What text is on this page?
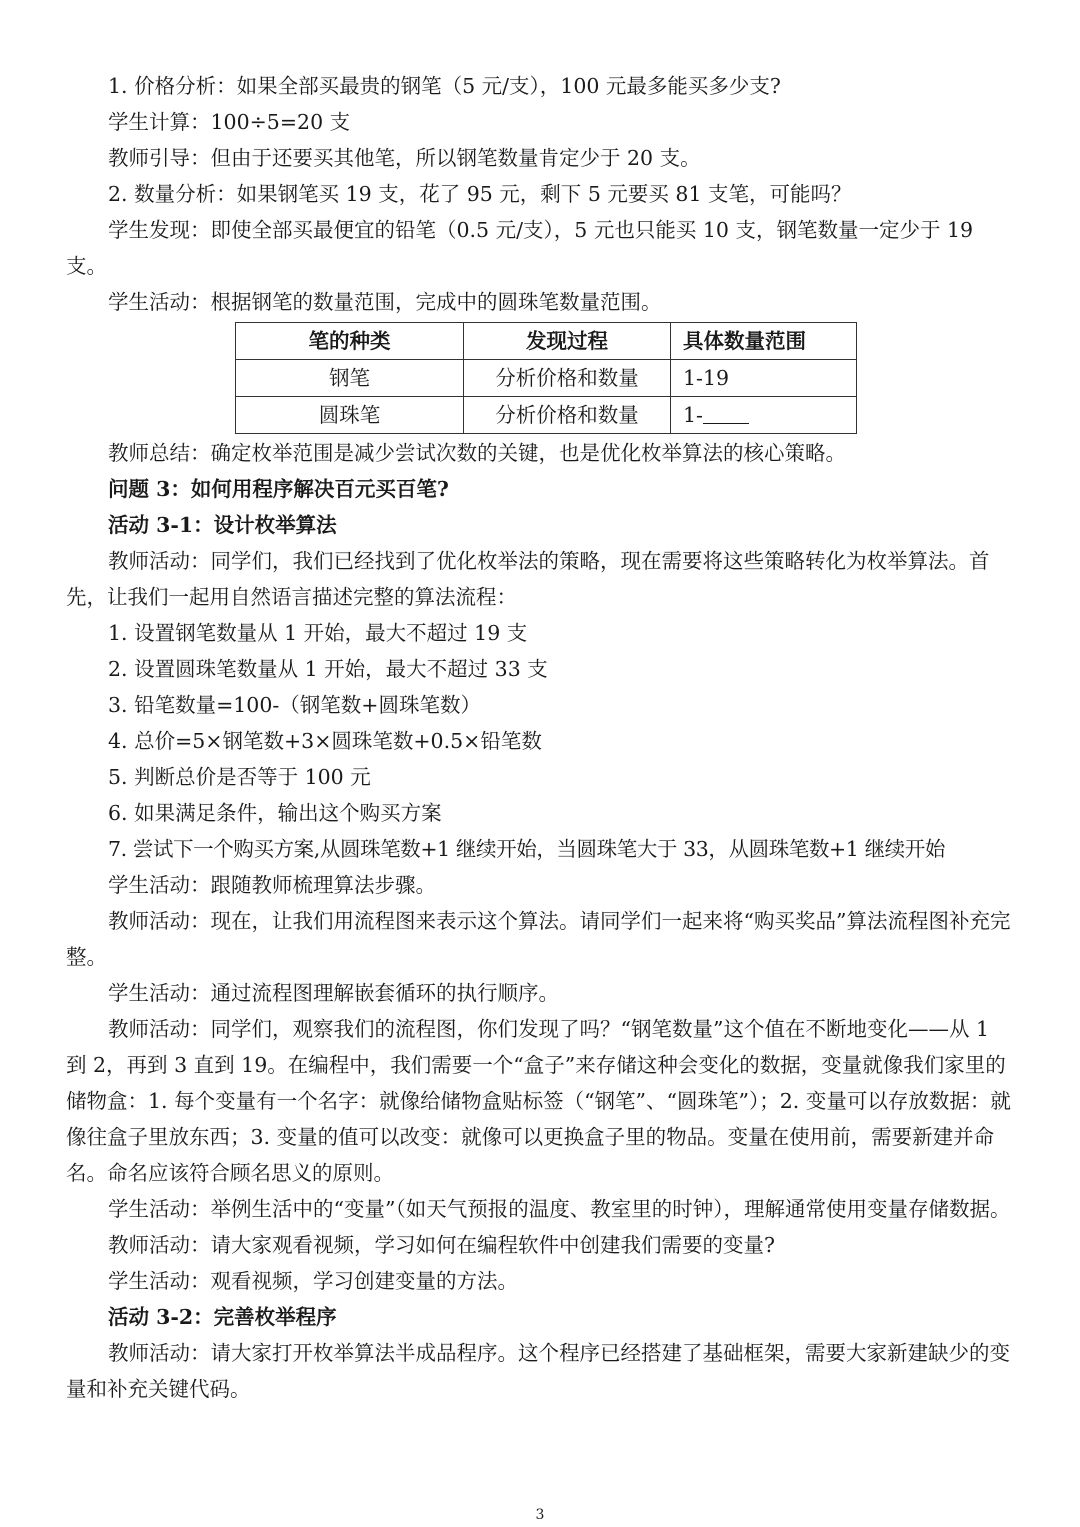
1. 价格分析：如果全部买最贵的钢笔（5 元/支），100 元最多能买多少支?

学生计算：100÷5=20 支

教师引导：但由于还要买其他笔，所以钢笔数量肯定少于 20 支。

2. 数量分析：如果钢笔买 19 支，花了 95 元，剩下 5 元要买 81 支笔，可能吗？

学生发现：即使全部买最便宜的铅笔（0.5 元/支），5 元也只能买 10 支，钢笔数量一定少于 19 支。

学生活动：根据钢笔的数量范围，完成中的圆珠笔数量范围。

笔的种类	发现过程	具体数量范围
钢笔	分析价格和数量	1-19
圆珠笔	分析价格和数量	1-

教师总结：确定枚举范围是减少尝试次数的关键，也是优化枚举算法的核心策略。

问题 3：如何用程序解决百元买百笔?

活动 3-1：设计枚举算法

教师活动：同学们，我们已经找到了优化枚举法的策略，现在需要将这些策略转化为枚举算法。首先，让我们一起用自然语言描述完整的算法流程：

1. 设置钢笔数量从 1 开始，最大不超过 19 支

2. 设置圆珠笔数量从 1 开始，最大不超过 33 支

3. 铅笔数量=100-（钢笔数+圆珠笔数）

4. 总价=5×钢笔数+3×圆珠笔数+0.5×铅笔数

5. 判断总价是否等于 100 元

6. 如果满足条件，输出这个购买方案

7. 尝试下一个购买方案,从圆珠笔数+1 继续开始，当圆珠笔大于 33，从圆珠笔数+1 继续开始

学生活动：跟随教师梳理算法步骤。

教师活动：现在，让我们用流程图来表示这个算法。请同学们一起来将“购买奖品”算法流程图补充完整。

学生活动：通过流程图理解嵌套循环的执行顺序。

教师活动：同学们，观察我们的流程图，你们发现了吗？“钢笔数量”这个值在不断地变化——从 1 到 2，再到 3 直到 19。在编程中，我们需要一个“盒子”来存储这种会变化的数据，变量就像我们家里的储物盒：1. 每个变量有一个名字：就像给储物盒贴标签（“钢笔”、“圆珠笔”）；2. 变量可以存放数据：就像往盒子里放东西；3. 变量的值可以改变：就像可以更换盒子里的物品。变量在使用前，需要新建并命名。命名应该符合顾名思义的原则。

学生活动：举例生活中的“变量”（如天气预报的温度、教室里的时钟），理解通常使用变量存储数据。

教师活动：请大家观看视频，学习如何在编程软件中创建我们需要的变量?

学生活动：观看视频，学习创建变量的方法。

活动 3-2：完善枚举程序

教师活动：请大家打开枚举算法半成品程序。这个程序已经搭建了基础框架，需要大家新建缺少的变量和补充关键代码。

3
